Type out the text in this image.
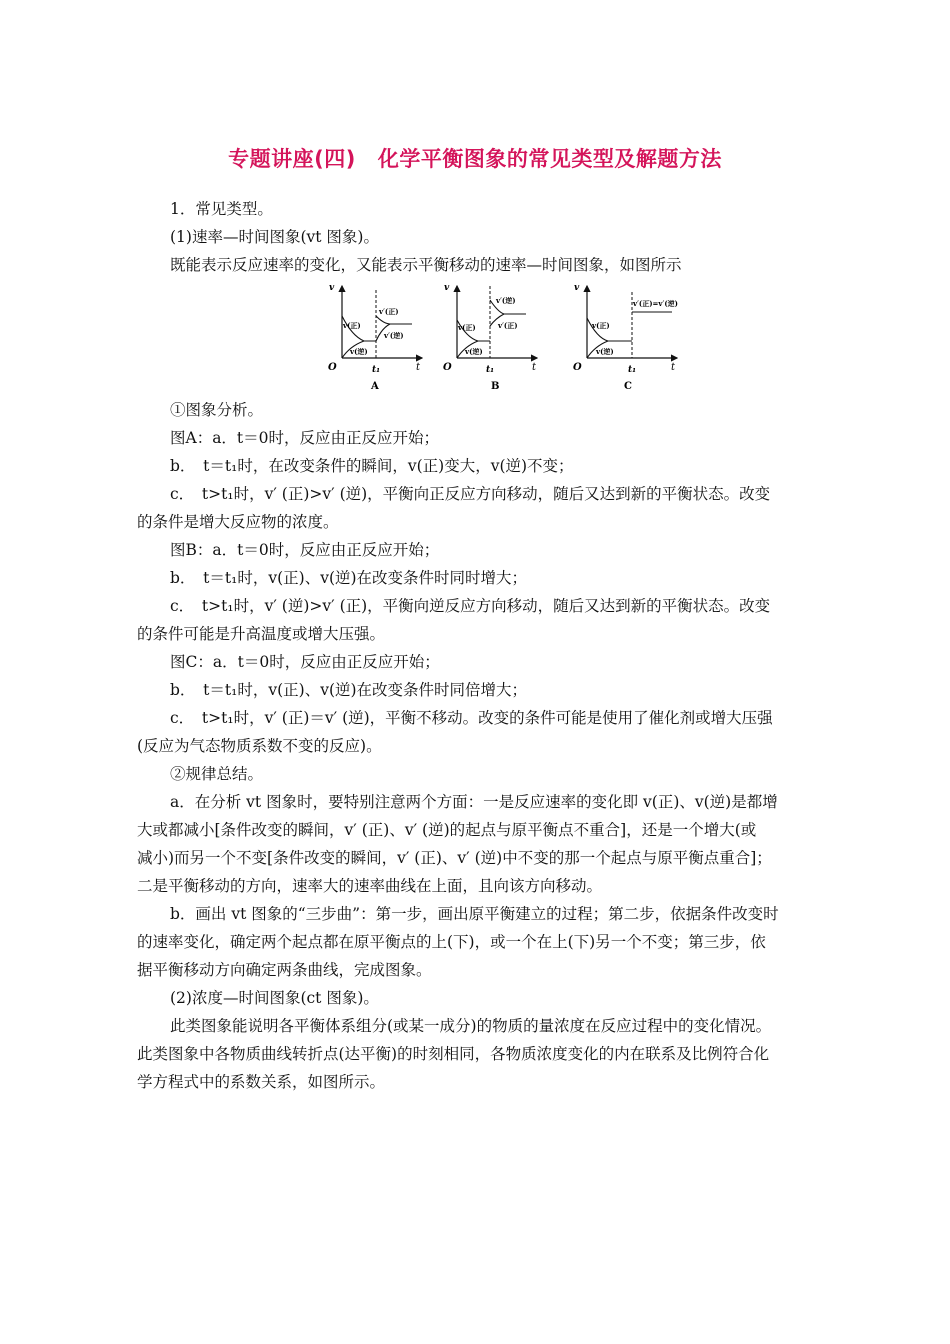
专题讲座(四) 化学平衡图象的常见类型及解题方法
1．常见类型。
(1)速率—时间图象(vt 图象)。
既能表示反应速率的变化，又能表示平衡移动的速率—时间图象，如图所示
v
O	t
t₁
v(正)
v(逆)
v′(正)
v′(逆)
A
v
O	t
t₁
v(正)
v(逆)
v′(逆)
v′(正)
B
v
O	t
t₁
v(正)
v(逆)
v′(正)=v′(逆)
C
①图象分析。
图A：a．t＝0时，反应由正反应开始；
b．　t＝t₁时，在改变条件的瞬间，v(正)变大，v(逆)不变；
c．　t>t₁时，v′ (正)>v′ (逆)，平衡向正反应方向移动，随后又达到新的平衡状态。改变
的条件是增大反应物的浓度。
图B：a．t＝0时，反应由正反应开始；
b．　t＝t₁时，v(正)、v(逆)在改变条件时同时增大；
c．　t>t₁时，v′ (逆)>v′ (正)，平衡向逆反应方向移动，随后又达到新的平衡状态。改变
的条件可能是升高温度或增大压强。
图C：a．t＝0时，反应由正反应开始；
b．　t＝t₁时，v(正)、v(逆)在改变条件时同倍增大；
c．　t>t₁时，v′ (正)＝v′ (逆)，平衡不移动。改变的条件可能是使用了催化剂或增大压强
(反应为气态物质系数不变的反应)。
②规律总结。
a．在分析 vt 图象时，要特别注意两个方面：一是反应速率的变化即 v(正)、v(逆)是都增
大或都减小[条件改变的瞬间，v′ (正)、v′ (逆)的起点与原平衡点不重合]，还是一个增大(或
减小)而另一个不变[条件改变的瞬间，v′ (正)、v′ (逆)中不变的那一个起点与原平衡点重合]；
二是平衡移动的方向，速率大的速率曲线在上面，且向该方向移动。
b．画出 vt 图象的“三步曲”：第一步，画出原平衡建立的过程；第二步，依据条件改变时
的速率变化，确定两个起点都在原平衡点的上(下)，或一个在上(下)另一个不变；第三步，依
据平衡移动方向确定两条曲线，完成图象。
(2)浓度—时间图象(ct 图象)。
此类图象能说明各平衡体系组分(或某一成分)的物质的量浓度在反应过程中的变化情况。
此类图象中各物质曲线转折点(达平衡)的时刻相同，各物质浓度变化的内在联系及比例符合化
学方程式中的系数关系，如图所示。
